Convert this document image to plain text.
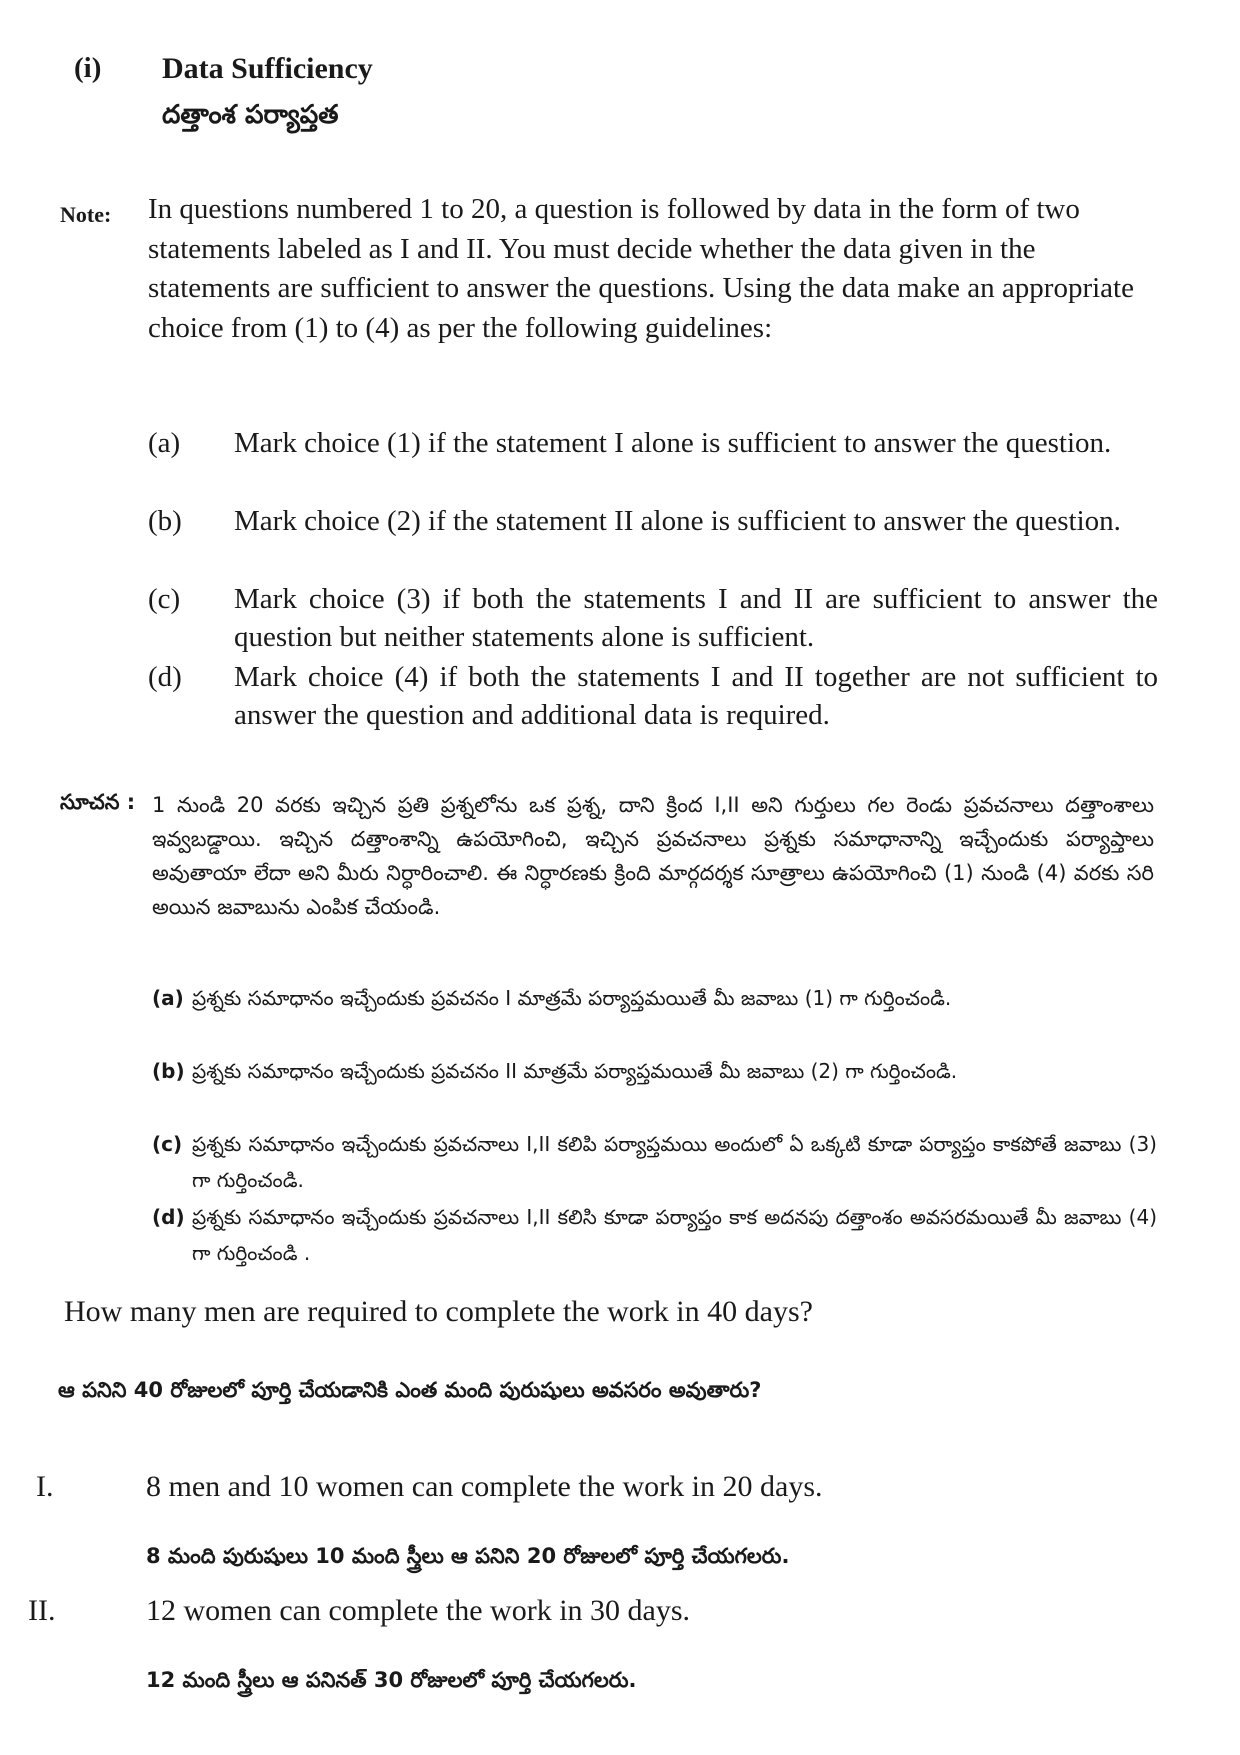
(i) Data Sufficiency
దత్తాంశ పర్యాప్తత
Note: In questions numbered 1 to 20, a question is followed by data in the form of two statements labeled as I and II. You must decide whether the data given in the statements are sufficient to answer the questions. Using the data make an appropriate choice from (1) to (4) as per the following guidelines:
(a) Mark choice (1) if the statement I alone is sufficient to answer the question.
(b) Mark choice (2) if the statement II alone is sufficient to answer the question.
(c) Mark choice (3) if both the statements I and II are sufficient to answer the question but neither statements alone is sufficient.
(d) Mark choice (4) if both the statements I and II together are not sufficient to answer the question and additional data is required.
సూచన : 1 నుండి 20 వరకు ఇచ్చిన ప్రతి ప్రశ్నలోను ఒక ప్రశ్న, దాని క్రింద I,II అని గుర్తులు గల రెండు ప్రవచనాలు దత్తాంశాలు ఇవ్వబడ్డాయి. ఇచ్చిన దత్తాంశాన్ని ఉపయోగించి, ఇచ్చిన ప్రవచనాలు ప్రశ్నకు సమాధానాన్ని ఇచ్చేందుకు పర్యాప్తాలు అవుతాయా లేదా అని మీరు నిర్ధారించాలి. ఈ నిర్ధారణకు క్రింది మార్గదర్శక సూత్రాలు ఉపయోగించి (1) నుండి (4) వరకు సరి అయిన జవాబును ఎంపిక చేయండి.
(a) ప్రశ్నకు సమాధానం ఇచ్చేందుకు ప్రవచనం I మాత్రమే పర్యాప్తమయితే మీ జవాబు (1) గా గుర్తించండి.
(b) ప్రశ్నకు సమాధానం ఇచ్చేందుకు ప్రవచనం II మాత్రమే పర్యాప్తమయితే మీ జవాబు (2) గా గుర్తించండి.
(c) ప్రశ్నకు సమాధానం ఇచ్చేందుకు ప్రవచనాలు I,II కలిపి పర్యాప్తమయి అందులో ఏ ఒక్కటి కూడా పర్యాప్తం కాకపోతే జవాబు (3) గా గుర్తించండి.
(d) ప్రశ్నకు సమాధానం ఇచ్చేందుకు ప్రవచనాలు I,II కలిసి కూడా పర్యాప్తం కాక అదనపు దత్తాంశం అవసరమయితే మీ జవాబు (4) గా గుర్తించండి .
How many men are required to complete the work in 40 days?
ఆ పనిని 40 రోజులలో పూర్తి చేయడానికి ఎంత మంది పురుషులు అవసరం అవుతారు?
I.	8 men and 10 women can complete the work in 20 days.
8 మంది పురుషులు 10 మంది స్త్రీలు ఆ పనిని 20 రోజులలో పూర్తి చేయగలరు.
II.	12 women can complete the work in 30 days.
12 మంది స్త్రీలు ఆ పనినత్ 30 రోజులలో పూర్తి చేయగలరు.
